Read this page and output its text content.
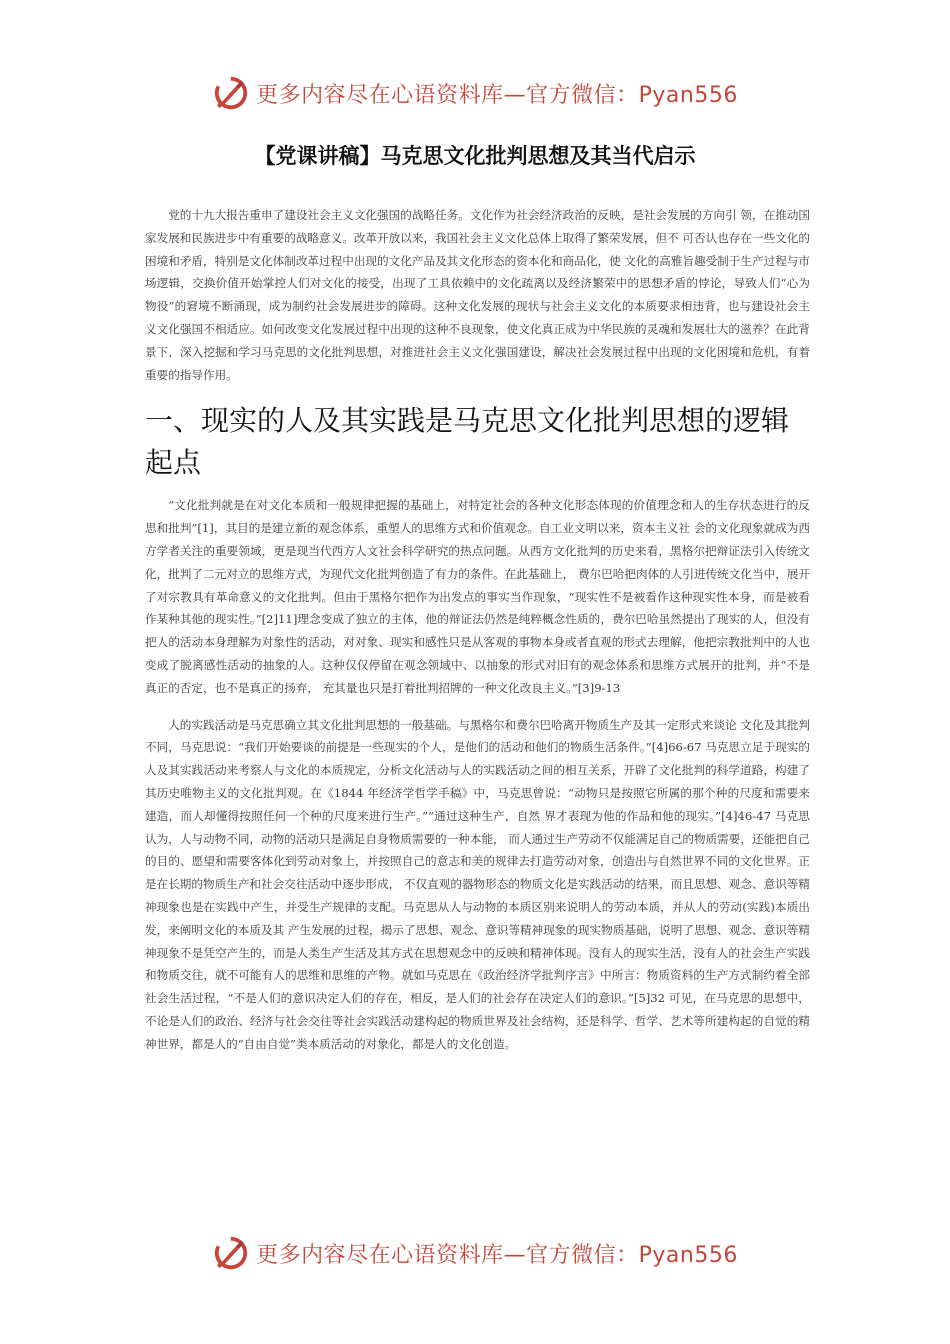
更多内容尽在心语资料库—官方微信：Pyan556
【党课讲稿】马克思文化批判思想及其当代启示

党的十九大报告重申了建设社会主义文化强国的战略任务。文化作为社会经济政治的反映，是社会发展的方向引 领，在推动国家发展和民族进步中有重要的战略意义。改革开放以来，我国社会主义文化总体上取得了繁荣发展，但不 可否认也存在一些文化的困境和矛盾，特别是文化体制改革过程中出现的文化产品及其文化形态的资本化和商品化，使 文化的高雅旨趣受制于生产过程与市场逻辑，交换价值开始掌控人们对文化的接受，出现了工具依赖中的文化疏离以及经济繁荣中的思想矛盾的悖论，导致人们“心为物役”的窘境不断涌现，成为制约社会发展进步的障碍。这种文化发展的现状与社会主义文化的本质要求相违背，也与建设社会主义文化强国不相适应。如何改变文化发展过程中出现的这种不良现象，使文化真正成为中华民族的灵魂和发展壮大的滋养？在此背景下，深入挖掘和学习马克思的文化批判思想，对推进社会主义文化强国建设，解决社会发展过程中出现的文化困境和危机，有着重要的指导作用。

一、现实的人及其实践是马克思文化批判思想的逻辑起点

“文化批判就是在对文化本质和一般规律把握的基础上，对特定社会的各种文化形态体现的价值理念和人的生存状态进行的反思和批判”[1]，其目的是建立新的观念体系，重塑人的思维方式和价值观念。自工业文明以来，资本主义社 会的文化现象就成为西方学者关注的重要领域，更是现当代西方人文社会科学研究的热点问题。从西方文化批判的历史来看，黑格尔把辩证法引入传统文化，批判了二元对立的思维方式，为现代文化批判创造了有力的条件。在此基础上， 费尔巴哈把肉体的人引进传统文化当中，展开了对宗教具有革命意义的文化批判。但由于黑格尔把作为出发点的事实当作现象，“现实性不是被看作这种现实性本身，而是被看作某种其他的现实性。”[2]11]理念变成了独立的主体，他的辩证法仍然是纯粹概念性质的，费尔巴哈虽然提出了现实的人，但没有把人的活动本身理解为对象性的活动，对对象、现实和感性只是从客观的事物本身或者直观的形式去理解，他把宗教批判中的人也变成了脱离感性活动的抽象的人。这种仅仅停留在观念领域中、以抽象的形式对旧有的观念体系和思维方式展开的批判，并“不是真正的否定，也不是真正的扬弃， 充其量也只是打着批判招牌的一种文化改良主义。”[3]9-13

人的实践活动是马克思确立其文化批判思想的一般基础。与黑格尔和费尔巴哈离开物质生产及其一定形式来谈论 文化及其批判不同，马克思说：“我们开始要谈的前提是一些现实的个人，是他们的活动和他们的物质生活条件。”[4]66-67 马克思立足于现实的人及其实践活动来考察人与文化的本质规定，分析文化活动与人的实践活动之间的相互关系，开辟了文化批判的科学道路，构建了其历史唯物主义的文化批判观。在《1844 年经济学哲学手稿》中，马克思曾说：“动物只是按照它所属的那个种的尺度和需要来建造，而人却懂得按照任何一个种的尺度来进行生产。”“通过这种生产，自然 界才表现为他的作品和他的现实。”[4]46-47 马克思认为，人与动物不同，动物的活动只是满足自身物质需要的一种本能， 而人通过生产劳动不仅能满足自己的物质需要，还能把自己的目的、愿望和需要客体化到劳动对象上，并按照自己的意志和美的规律去打造劳动对象，创造出与自然世界不同的文化世界。正是在长期的物质生产和社会交往活动中逐步形成， 不仅直观的器物形态的物质文化是实践活动的结果，而且思想、观念、意识等精神现象也是在实践中产生，并受生产规律的支配。马克思从人与动物的本质区别来说明人的劳动本质，并从人的劳动(实践)本质出发，来阐明文化的本质及其 产生发展的过程，揭示了思想、观念、意识等精神现象的现实物质基础，说明了思想、观念、意识等精神现象不是凭空产生的，而是人类生产生活及其方式在思想观念中的反映和精神体现。没有人的现实生活，没有人的社会生产实践和物质交往，就不可能有人的思维和思维的产物。就如马克思在《政治经济学批判序言》中所言：物质资料的生产方式制约着全部社会生活过程，“不是人们的意识决定人们的存在，相反，是人们的社会存在决定人们的意识。”[5]32 可见，在马克思的思想中，不论是人们的政治、经济与社会交往等社会实践活动建构起的物质世界及社会结构，还是科学、哲学、艺术等所建构起的自觉的精神世界，都是人的“自由自觉”类本质活动的对象化，都是人的文化创造。

更多内容尽在心语资料库—官方微信：Pyan556
